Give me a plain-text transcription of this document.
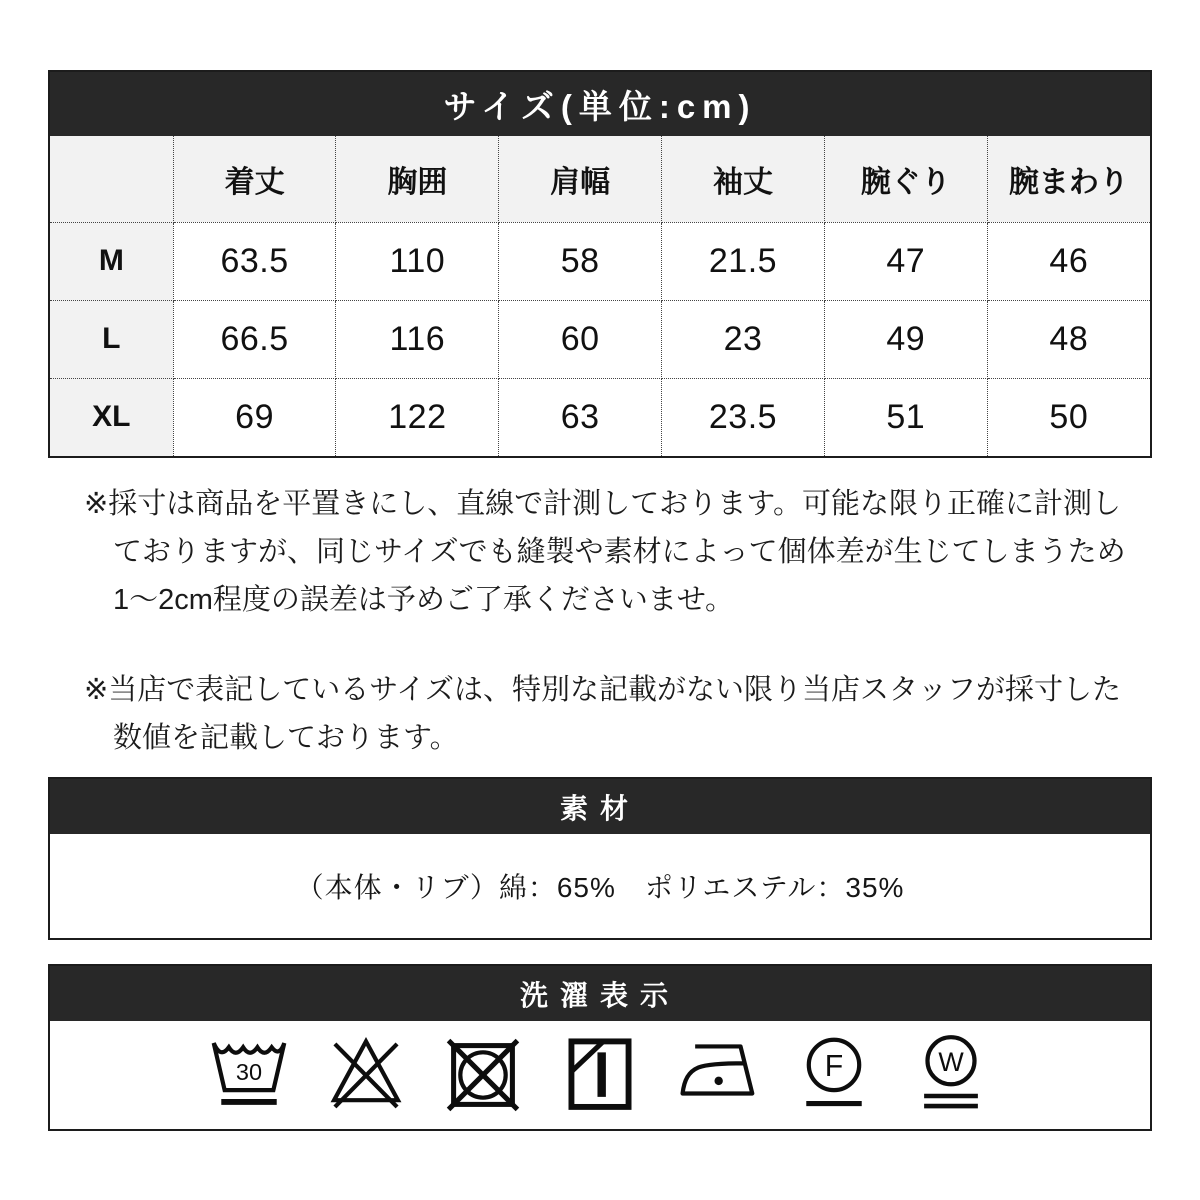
サイズ(単位:cm)
	着丈	胸囲	肩幅	袖丈	腕ぐり	腕まわり
M	63.5	110	58	21.5	47	46
L	66.5	116	60	23	49	48
XL	69	122	63	23.5	51	50

※採寸は商品を平置きにし、直線で計測しております。可能な限り正確に計測しておりますが、同じサイズでも縫製や素材によって個体差が生じてしまうため1～2cm程度の誤差は予めご了承くださいませ。

※当店で表記しているサイズは、特別な記載がない限り当店スタッフが採寸した数値を記載しております。

素材
（本体・リブ）綿：65%　ポリエステル：35%
洗濯表示
30	F	W
